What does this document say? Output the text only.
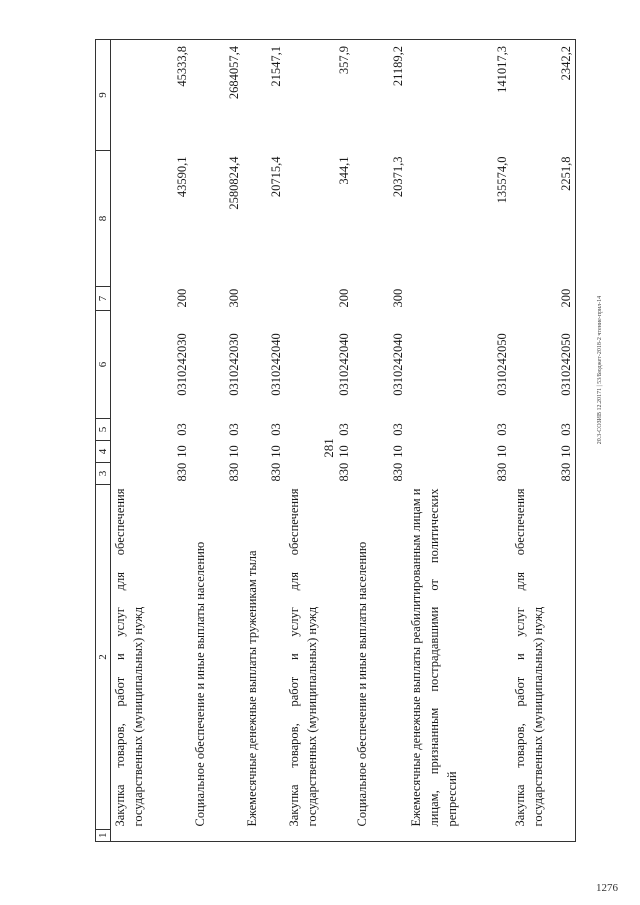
281
20.3-СОЗИВ 12.20171 | 53/Бюджет-2018-2 чтение-прил-14
1276
1	2	3	4	5	6	7	8	9
	Закупка товаров, работ и услуг для обеспечения государственных (муниципальных) нужд	830	10	03	0310242030	200	43590,1	45333,8
	Социальное обеспечение и иные выплаты населению	830	10	03	0310242030	300	2580824,4	2684057,4
	Ежемесячные денежные выплаты труженикам тыла	830	10	03	0310242040		20715,4	21547,1
	Закупка товаров, работ и услуг для обеспечения государственных (муниципальных) нужд	830	10	03	0310242040	200	344,1	357,9
	Социальное обеспечение и иные выплаты населению	830	10	03	0310242040	300	20371,3	21189,2
	Ежемесячные денежные выплаты реабилитированным лицам и лицам, признанным пострадавшими от политических репрессий	830	10	03	0310242050		135574,0	141017,3
	Закупка товаров, работ и услуг для обеспечения государственных (муниципальных) нужд	830	10	03	0310242050	200	2251,8	2342,2
